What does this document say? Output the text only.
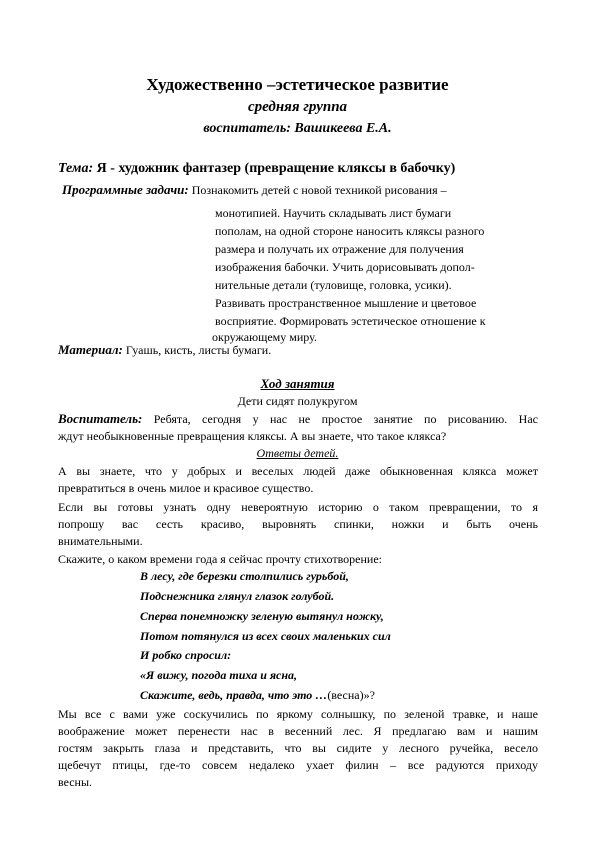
Художественно –эстетическое развитие
средняя группа
воспитатель: Вашикеева Е.А.
Тема: Я - художник фантазер (превращение кляксы в бабочку)
Программные задачи: Познакомить детей с новой техникой рисования –
монотипией. Научить складывать лист бумаги
пополам, на одной стороне наносить кляксы разного
размера и получать их отражение для получения
изображения бабочки. Учить дорисовывать допол-
нительные детали (туловище, головка, усики).
Развивать пространственное мышление и цветовое
восприятие. Формировать эстетическое отношение к
окружающему миру.
Материал: Гуашь, кисть, листы бумаги.
Ход занятия
Дети сидят полукругом
Воспитатель: Ребята, сегодня у нас не простое занятие по рисованию. Нас
ждут необыкновенные превращения кляксы. А вы знаете, что такое клякса?
Ответы детей.
А вы знаете, что у добрых и веселых людей даже обыкновенная клякса может
превратиться в очень милое и красивое существо.
Если вы готовы узнать одну невероятную историю о таком превращении, то я
попрошу вас сесть красиво, выровнять спинки, ножки и быть очень
внимательными.
Скажите, о каком времени года я сейчас прочту стихотворение:
В лесу, где березки столпились гурьбой,
Подснежника глянул глазок голубой.
Сперва понемножку зеленую вытянул ножку,
Потом потянулся из всех своих маленьких сил
И робко спросил:
«Я вижу, погода тиха и ясна,
Скажите, ведь, правда, что это …(весна)»?
Мы все с вами уже соскучились по яркому солнышку, по зеленой травке, и наше
воображение может перенести нас в весенний лес. Я предлагаю вам и нашим
гостям закрыть глаза и представить, что вы сидите у лесного ручейка, весело
щебечут птицы, где-то совсем недалеко ухает филин – все радуются приходу
весны.
